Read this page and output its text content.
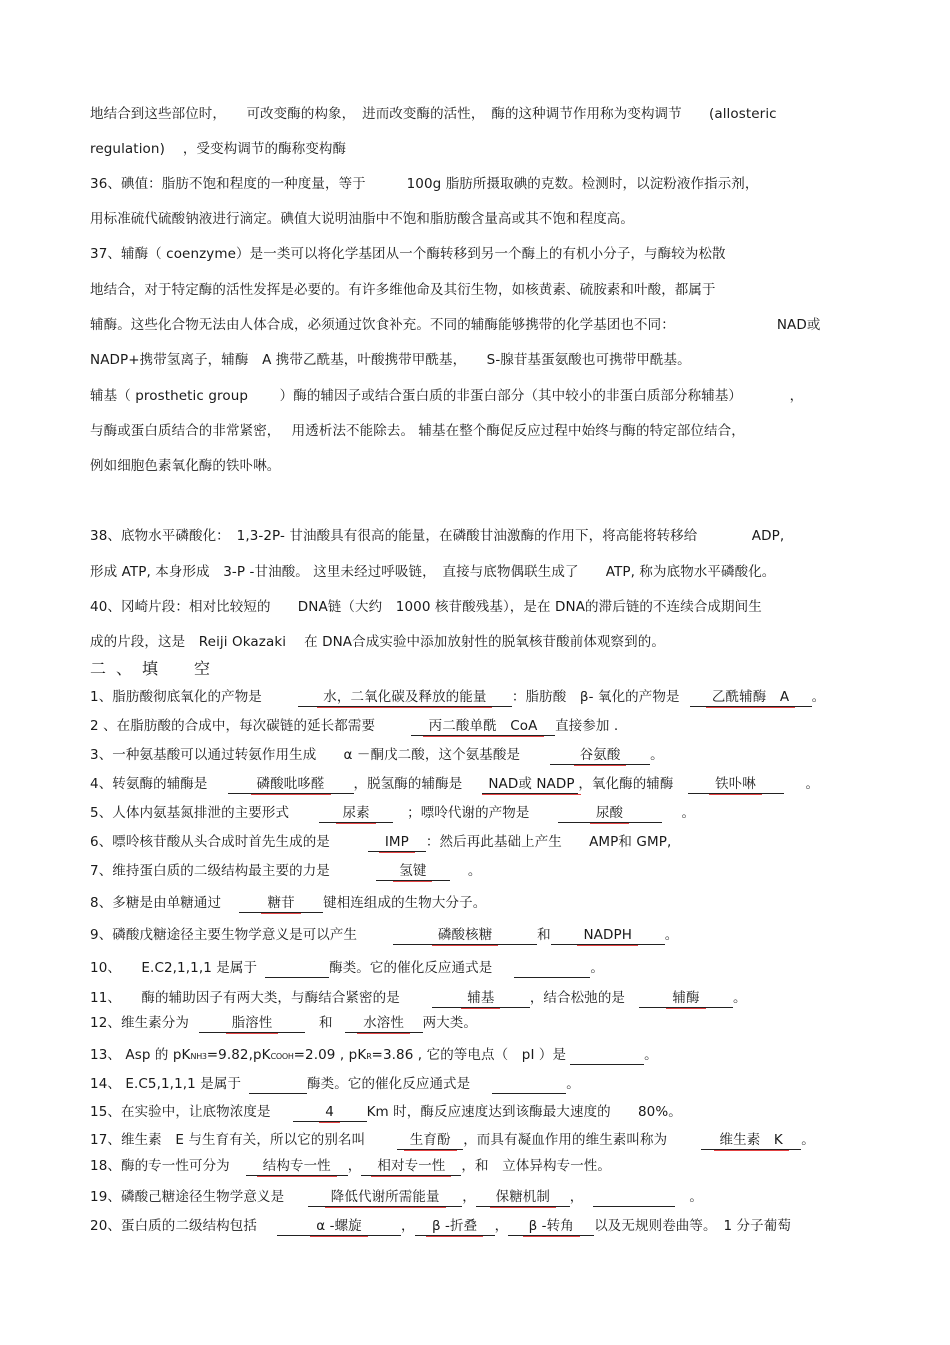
地结合到这些部位时，　　可改变酶的构象，　进而改变酶的活性，　酶的这种调节作用称为变构调节　　(allosteric
regulation)　 ，受变构调节的酶称变构酶
36、碘值：脂肪不饱和程度的一种度量，等于　　　100g 脂肪所摄取碘的克数。检测时，以淀粉液作指示剂，
用标准硫代硫酸钠液进行滴定。碘值大说明油脂中不饱和脂肪酸含量高或其不饱和程度高。
37、辅酶（ coenzyme）是一类可以将化学基团从一个酶转移到另一个酶上的有机小分子，与酶较为松散
地结合，对于特定酶的活性发挥是必要的。有许多维他命及其衍生物，如核黄素、硫胺素和叶酸，都属于
辅酶。这些化合物无法由人体合成，必须通过饮食补充。不同的辅酶能够携带的化学基团也不同：　　　　　　　　NAD或
NADP+携带氢离子，辅酶　A 携带乙酰基，叶酸携带甲酰基，　　S-腺苷基蛋氨酸也可携带甲酰基。
辅基（ prosthetic group　　 ）酶的辅因子或结合蛋白质的非蛋白部分（其中较小的非蛋白质部分称辅基）　　　　，
与酶或蛋白质结合的非常紧密，　 用透析法不能除去。 辅基在整个酶促反应过程中始终与酶的特定部位结合，
例如细胞色素氧化酶的铁卟啉。
38、底物水平磷酸化：　1,3-2P- 甘油酸具有很高的能量，在磷酸甘油激酶的作用下，将高能将转移给　　　　ADP,
形成 ATP, 本身形成　3-P -甘油酸。 这里未经过呼吸链，　直接与底物偶联生成了　　ATP, 称为底物水平磷酸化。
40、冈崎片段：相对比较短的　　DNA链（大约　1000 核苷酸残基），是在 DNA的滞后链的不连续合成期间生
成的片段，这是　Reiji Okazaki　 在 DNA合成实验中添加放射性的脱氧核苷酸前体观察到的。
二、填　空
1、脂肪酸彻底氧化的产物是	水，二氧化碳及释放的能量 ：脂肪酸　β- 氧化的产物是 乙酰辅酶　A 。
2 、在脂肪酸的合成中，每次碳链的延长都需要	丙二酸单酰　CoA 直接参加 .
3、一种氨基酸可以通过转氨作用生成　　α －酮戊二酸，这个氨基酸是	谷氨酸 。
4、转氨酶的辅酶是	磷酸吡哆醛 ，脱氢酶的辅酶是 NAD或 NADP ，氧化酶的辅酶	铁卟啉	。
5、人体内氨基氮排泄的主要形式	尿素	；嘌呤代谢的产物是	尿酸	。
6、嘌呤核苷酸从头合成时首先生成的是	IMP ：然后再此基础上产生　　AMP和 GMP,
7、维持蛋白质的二级结构最主要的力是	氢键	。
8、多糖是由单糖通过	糖苷 键相连组成的生物大分子。
9、磷酸戊糖途径主要生物学意义是可以产生	磷酸核糖	和 NADPH 。
10、　　E.C2,1,1,1 是属于	酶类。它的催化反应通式是	。
11、　　酶的辅助因子有两大类，与酶结合紧密的是	辅基	，结合松弛的是	辅酶 。
12、维生素分为	脂溶性	和 水溶性 两大类。
13、 Asp 的 pKNH3=9.82,pKCOOH=2.09 , pKR=3.86 , 它的等电点（　pI ）是	。
14、 E.C5,1,1,1 是属于	酶类。它的催化反应通式是	。
15、在实验中，让底物浓度是	4 Km 时，酶反应速度达到该酶最大速度的　　80%。
17、维生素　E 与生育有关，所以它的别名叫	生育酚 ，而具有凝血作用的维生素叫称为	维生素　K 。
18、酶的专一性可分为 结构专一性 ， 相对专一性 ，和　立体异构专一性。
19、磷酸己糖途径生物学意义是	降低代谢所需能量 ， 保糖机制 ，	。
20、蛋白质的二级结构包括	α -螺旋	， β -折叠 ， β -转角 以及无规则卷曲等。　1 分子葡萄
